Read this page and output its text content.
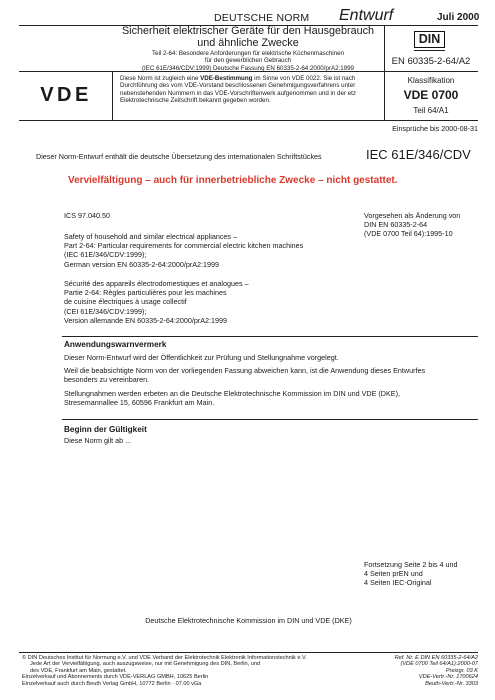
DEUTSCHE NORM Entwurf	Juli 2000
Sicherheit elektrischer Geräte für den Hausgebrauch
und ähnliche Zwecke
Teil 2-64: Besondere Anforderungen für elektrische Küchenmaschinen
für den gewerblichen Gebrauch
(IEC 61E/346/CDV:1999) Deutsche Fassung EN 60335-2-64:2000/prA2:1999
DIN
EN 60335-2-64/A2
VDE
Diese Norm ist zugleich eine VDE-Bestimmung im Sinne von VDE 0022. Sie ist nach
Durchführung des vom VDE-Vorstand beschlossenen Genehmigungsverfahrens unter
nebenstehenden Nummern in das VDE-Vorschriftenwerk aufgenommen und in der etz
Elektrotechnische Zeitschrift bekannt gegeben worden.
Klassifikation
VDE 0700
Teil 64/A1
Einsprüche bis 2000-08-31
Dieser Norm-Entwurf enthält die deutsche Übersetzung des internationalen Schriftstückes	IEC 61E/346/CDV
Vervielfältigung – auch für innerbetriebliche Zwecke – nicht gestattet.
ICS 97.040.50	Vorgesehen als Änderung von
DIN EN 60335-2-64
(VDE 0700 Teil 64):1995-10
Safety of household and similar electrical appliances –
Part 2-64: Particular requirements for commercial electric kitchen machines
(IEC 61E/346/CDV:1999);
German version EN 60335-2-64:2000/prA2:1999
Sécurité des appareils électrodomestiques et analogues –
Partie 2-64: Règles particulières pour les machines
de cuisine électriques à usage collectif
(CEI 61E/346/CDV:1999);
Version allemande EN 60335-2-64:2000/prA2:1999
Anwendungswarnvermerk
Dieser Norm-Entwurf wird der Öffentlichkeit zur Prüfung und Stellungnahme vorgelegt.
Weil die beabsichtigte Norm von der vorliegenden Fassung abweichen kann, ist die Anwendung dieses Entwurfes
besonders zu vereinbaren.
Stellungnahmen werden erbeten an die Deutsche Elektrotechnische Kommission im DIN und VDE (DKE),
Stresemannallee 15, 60596 Frankfurt am Main.
Beginn der Gültigkeit
Diese Norm gilt ab ...
Fortsetzung Seite 2 bis 4 und
4 Seiten prEN und
4 Seiten IEC-Original
Deutsche Elektrotechnische Kommission im DIN und VDE (DKE)
© DIN Deutsches Institut für Normung e.V. und VDE Verband der Elektrotechnik Elektronik Informationstechnik e.V.
Jede Art der Vervielfältigung, auch auszugsweise, nur mit Genehmigung des DIN, Berlin, und
des VDE, Frankfurt am Main, gestattet.
Einzelverkauf und Abonnements durch VDE-VERLAG GMBH, 10625 Berlin
Einzelverkauf auch durch Beuth Verlag GmbH, 10772 Berlin · 07.00 vGa
Ref. Nr. E DIN EN 60335-2-64/A2
(VDE 0700 Teil 64/A1):2000-07
Preisgr. 03 K
VDE-Vertr.-Nr. 1700624
Beuth-Vertr.-Nr. 3303
